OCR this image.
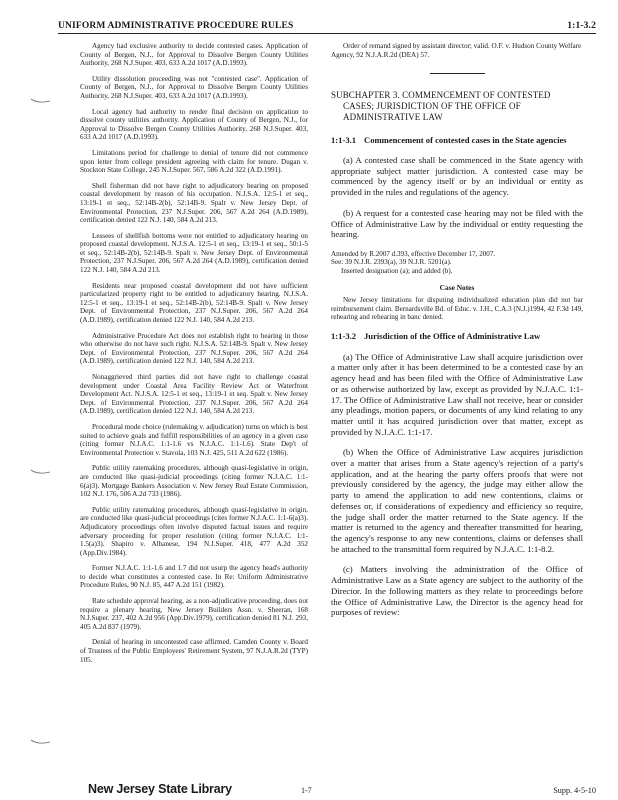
UNIFORM ADMINISTRATIVE PROCEDURE RULES	1:1-3.2

Agency had exclusive authority to decide contested cases. Application of County of Bergen, N.J., for Approval to Dissolve Bergen County Utilities Authority, 268 N.J.Super. 403, 633 A.2d 1017 (A.D.1993).

Utility dissolution proceeding was not "contested case". Application of County of Bergen, N.J., for Approval to Dissolve Bergen County Utilities Authority, 268 N.J.Super. 403, 633 A.2d 1017 (A.D.1993).

Local agency had authority to render final decision on application to dissolve county utilities authority. Application of County of Bergen, N.J., for Approval to Dissolve Bergen County Utilities Authority, 268 N.J.Super. 403, 633 A.2d 1017 (A.D.1993).

Limitations period for challenge to denial of tenure did not commence upon letter from college president agreeing with claim for tenure. Dugan v. Stockton State College, 245 N.J.Super. 567, 586 A.2d 322 (A.D.1991).

Shell fisherman did not have right to adjudicatory hearing on proposed coastal development by reason of his occupation. N.J.S.A. 12:5-1 et seq., 13:19-1 et seq., 52:14B-2(b), 52:14B-9. Spalt v. New Jersey Dept. of Environmental Protection, 237 N.J.Super. 206, 567 A.2d 264 (A.D.1989), certification denied 122 N.J. 140, 584 A.2d 213.

Lessees of shellfish bottoms were not entitled to adjudicatory hearing on proposed coastal development. N.J.S.A. 12:5-1 et seq., 13:19-1 et seq., 50:1-5 et seq., 52:14B-2(b), 52:14B-9. Spalt v. New Jersey Dept. of Environmental Protection, 237 N.J.Super. 206, 567 A.2d 264 (A.D.1989), certification denied 122 N.J. 140, 584 A.2d 213.

Residents near proposed coastal development did not have sufficient particularized property right to be entitled to adjudicatory hearing. N.J.S.A. 12:5-1 et seq., 13:19-1 et seq., 52:14B-2(b), 52:14B-9. Spalt v. New Jersey Dept. of Environmental Protection, 237 N.J.Super. 206, 567 A.2d 264 (A.D.1989), certification denied 122 N.J. 140, 584 A.2d 213.

Administrative Procedure Act does not establish right to hearing in those who otherwise do not have such right. N.J.S.A. 52:14B-9. Spalt v. New Jersey Dept. of Environmental Protection, 237 N.J.Super. 206, 567 A.2d 264 (A.D.1989), certification denied 122 N.J. 140, 584 A.2d 213.

Nonaggrieved third parties did not have right to challenge coastal development under Coastal Area Facility Review Act or Waterfront Development Act. N.J.S.A. 12:5-1 et seq., 13:19-1 et seq. Spalt v. New Jersey Dept. of Environmental Protection, 237 N.J.Super. 206, 567 A.2d 264 (A.D.1989), certification denied 122 N.J. 140, 584 A.2d 213.

Procedural mode choice (rulemaking v. adjudication) turns on which is best suited to achieve goals and fulfill responsibilities of an agency in a given case (citing former N.J.A.C. 1:1-1.6 vs N.J.A.C. 1:1-1.6). State Dep't of Environmental Protection v. Stavola, 103 N.J. 425, 511 A.2d 622 (1986).

Public utility ratemaking procedures, although quasi-legislative in origin, are conducted like quasi-judicial proceedings (citing former N.J.A.C. 1:1-6(a)3). Mortgage Bankers Association v. New Jersey Real Estate Commission, 102 N.J. 176, 506 A.2d 733 (1986).

Public utility ratemaking procedures, although quasi-legislative in origin, are conducted like quasi-judicial proceedings (cites former N.J.A.C. 1:1-6(a)3). Adjudicatory proceedings often involve disputed factual issues and require adversary proceeding for proper resolution (citing former N.J.A.C. 1:1-1.5(a)3). Shapiro v. Albanese, 194 N.J.Super. 418, 477 A.2d 352 (App.Div.1984).

Former N.J.A.C. 1:1-1.6 and 1.7 did not usurp the agency head's authority to decide what constitutes a contested case. In Re: Uniform Administrative Procedure Rules, 90 N.J. 85, 447 A.2d 151 (1982).

Rate schedule approval hearing, as a non-adjudicative proceeding, does not require a plenary hearing. New Jersey Builders Assn. v. Sheeran, 168 N.J.Super. 237, 402 A.2d 956 (App.Div.1979), certification denied 81 N.J. 293, 405 A.2d 837 (1979).

Denial of hearing in uncontested case affirmed. Camden County v. Board of Trustees of the Public Employees' Retirement System, 97 N.J.A.R.2d (TYP) 105.

Order of remand signed by assistant director; valid. O.F. v. Hudson County Welfare Agency, 92 N.J.A.R.2d (DEA) 57.

SUBCHAPTER 3. COMMENCEMENT OF CONTESTED CASES; JURISDICTION OF THE OFFICE OF ADMINISTRATIVE LAW

1:1-3.1 Commencement of contested cases in the State agencies

(a) A contested case shall be commenced in the State agency with appropriate subject matter jurisdiction. A contested case may be commenced by the agency itself or by an individual or entity as provided in the rules and regulations of the agency.

(b) A request for a contested case hearing may not be filed with the Office of Administrative Law by the individual or entity requesting the hearing.

Amended by R.2007 d.393, effective December 17, 2007.
See: 39 N.J.R. 2393(a), 39 N.J.R. 5201(a).
Inserted designation (a); and added (b).

Case Notes

New Jersey limitations for disputing individualized education plan did not bar reimbursement claim. Bernardsville Bd. of Educ. v. J.H., C.A.3 (N.J.)1994, 42 F.3d 149, rehearing and rehearing in banc denied.

1:1-3.2 Jurisdiction of the Office of Administrative Law

(a) The Office of Administrative Law shall acquire jurisdiction over a matter only after it has been determined to be a contested case by an agency head and has been filed with the Office of Administrative Law or as otherwise authorized by law, except as provided by N.J.A.C. 1:1-17. The Office of Administrative Law shall not receive, hear or consider any pleadings, motion papers, or documents of any kind relating to any matter until it has acquired jurisdiction over that matter, except as provided by N.J.A.C. 1:1-17.

(b) When the Office of Administrative Law acquires jurisdiction over a matter that arises from a State agency's rejection of a party's application, and at the hearing the party offers proofs that were not previously considered by the agency, the judge may either allow the party to amend the application to add new contentions, claims or defenses or, if considerations of expediency and efficiency so require, the judge shall order the matter returned to the State agency. If the matter is returned to the agency and thereafter transmitted for hearing, the agency's response to any new contentions, claims or defenses shall be attached to the transmittal form required by N.J.A.C. 1:1-8.2.

(c) Matters involving the administration of the Office of Administrative Law as a State agency are subject to the authority of the Director. In the following matters as they relate to proceedings before the Office of Administrative Law, the Director is the agency head for purposes of review:

New Jersey State Library	1-7	Supp. 4-5-10
